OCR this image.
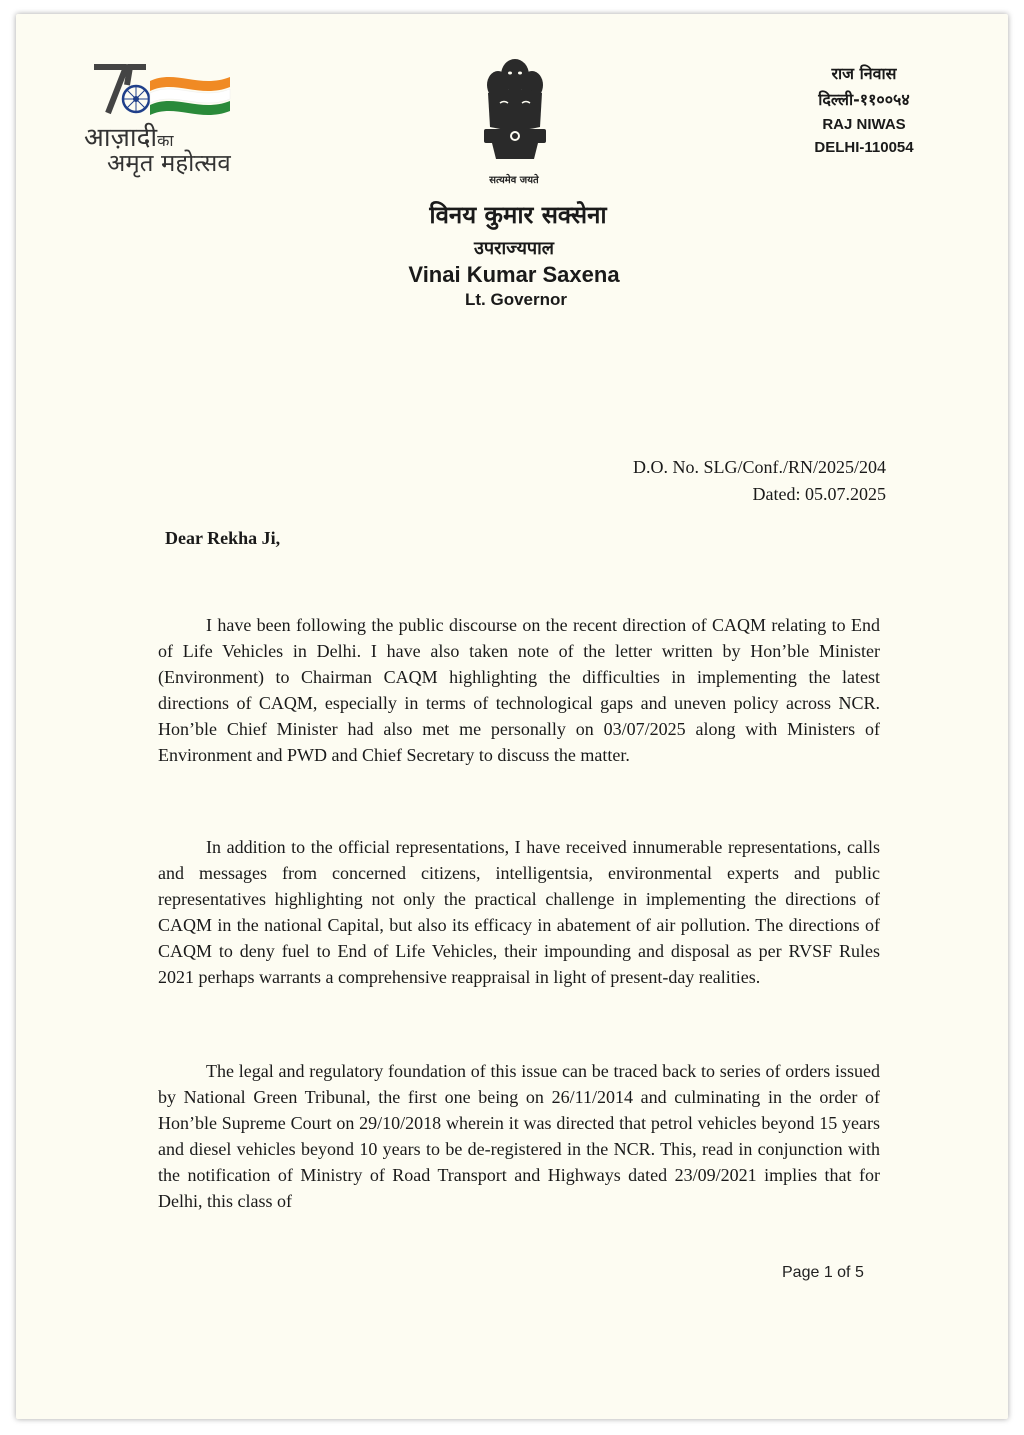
आज़ादीका
अमृत महोत्सव
सत्यमेव जयते
विनय कुमार सक्सेना
उपराज्यपाल
Vinai Kumar Saxena
Lt. Governor
राज निवास
दिल्ली-११००५४
RAJ NIWAS
DELHI-110054
D.O. No. SLG/Conf./RN/2025/204
Dated: 05.07.2025
Dear Rekha Ji,

I have been following the public discourse on the recent direction of CAQM relating to End of Life Vehicles in Delhi. I have also taken note of the letter written by Hon’ble Minister (Environment) to Chairman CAQM highlighting the difficulties in implementing the latest directions of CAQM, especially in terms of technological gaps and uneven policy across NCR. Hon’ble Chief Minister had also met me personally on 03/07/2025 along with Ministers of Environment and PWD and Chief Secretary to discuss the matter.

In addition to the official representations, I have received innumerable representations, calls and messages from concerned citizens, intelligentsia, environmental experts and public representatives highlighting not only the practical challenge in implementing the directions of CAQM in the national Capital, but also its efficacy in abatement of air pollution. The directions of CAQM to deny fuel to End of Life Vehicles, their impounding and disposal as per RVSF Rules 2021 perhaps warrants a comprehensive reappraisal in light of present-day realities.

The legal and regulatory foundation of this issue can be traced back to series of orders issued by National Green Tribunal, the first one being on 26/11/2014 and culminating in the order of Hon’ble Supreme Court on 29/10/2018 wherein it was directed that petrol vehicles beyond 15 years and diesel vehicles beyond 10 years to be de-registered in the NCR. This, read in conjunction with the notification of Ministry of Road Transport and Highways dated 23/09/2021 implies that for Delhi, this class of

Page 1 of 5
